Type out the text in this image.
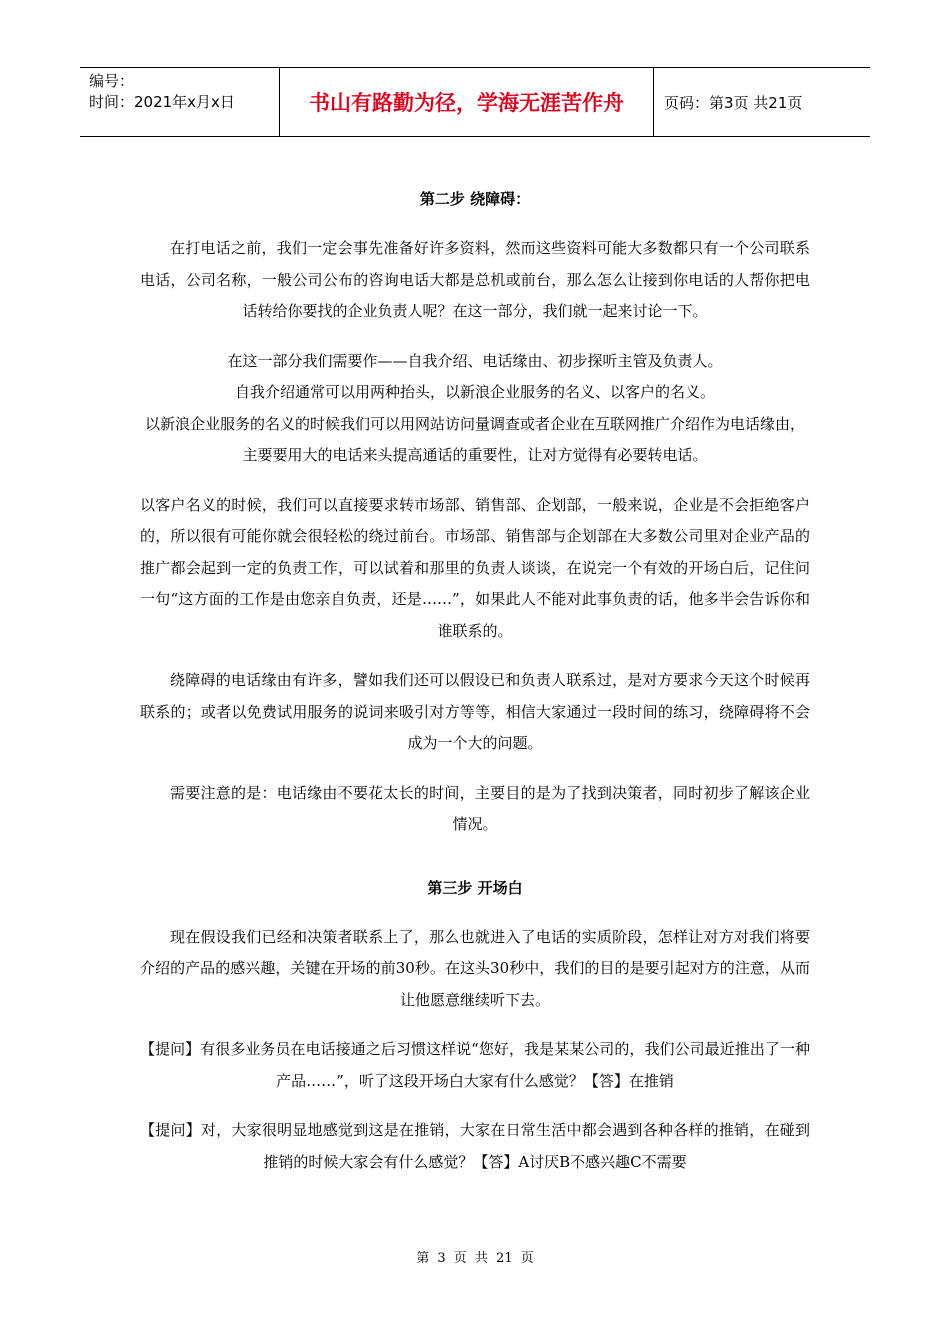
编号：
时间：2021年x月x日	书山有路勤为径，学海无涯苦作舟	页码：第3页 共21页
第二步 绕障碍：

在打电话之前，我们一定会事先准备好许多资料，然而这些资料可能大多数都只有一个公司联系电话，公司名称，一般公司公布的咨询电话大都是总机或前台，那么怎么让接到你电话的人帮你把电话转给你要找的企业负责人呢？在这一部分，我们就一起来讨论一下。

在这一部分我们需要作——自我介绍、电话缘由、初步探听主管及负责人。

自我介绍通常可以用两种抬头，以新浪企业服务的名义、以客户的名义。

以新浪企业服务的名义的时候我们可以用网站访问量调查或者企业在互联网推广介绍作为电话缘由，主要要用大的电话来头提高通话的重要性，让对方觉得有必要转电话。

以客户名义的时候，我们可以直接要求转市场部、销售部、企划部，一般来说，企业是不会拒绝客户的，所以很有可能你就会很轻松的绕过前台。市场部、销售部与企划部在大多数公司里对企业产品的推广都会起到一定的负责工作，可以试着和那里的负责人谈谈，在说完一个有效的开场白后，记住问一句“这方面的工作是由您亲自负责，还是……”，如果此人不能对此事负责的话，他多半会告诉你和谁联系的。

绕障碍的电话缘由有许多，譬如我们还可以假设已和负责人联系过，是对方要求今天这个时候再联系的；或者以免费试用服务的说词来吸引对方等等，相信大家通过一段时间的练习，绕障碍将不会成为一个大的问题。

需要注意的是：电话缘由不要花太长的时间，主要目的是为了找到决策者，同时初步了解该企业情况。

第三步 开场白

现在假设我们已经和决策者联系上了，那么也就进入了电话的实质阶段，怎样让对方对我们将要介绍的产品的感兴趣，关键在开场的前30秒。在这头30秒中，我们的目的是要引起对方的注意，从而让他愿意继续听下去。

【提问】有很多业务员在电话接通之后习惯这样说“您好，我是某某公司的，我们公司最近推出了一种产品……”，听了这段开场白大家有什么感觉？【答】在推销

【提问】对，大家很明显地感觉到这是在推销，大家在日常生活中都会遇到各种各样的推销，在碰到推销的时候大家会有什么感觉？【答】A讨厌B不感兴趣C不需要

第 3 页 共 21 页
